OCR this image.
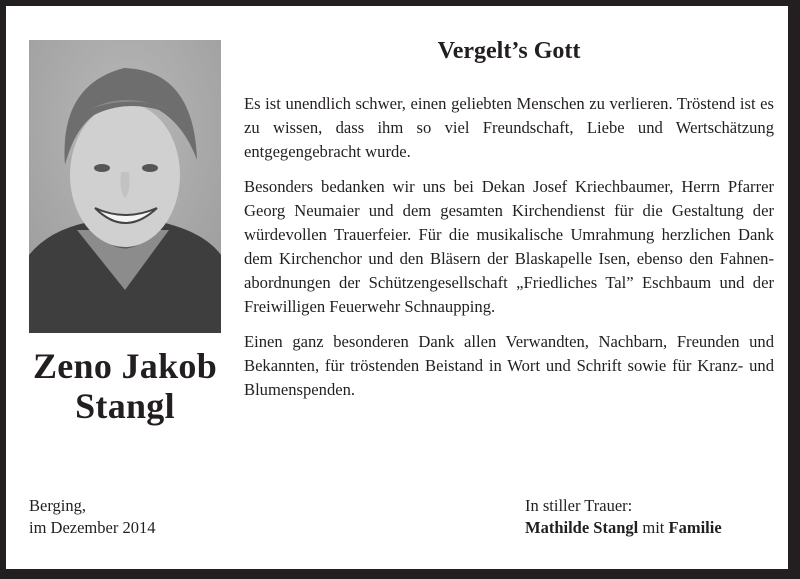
Zeno Jakob
Stangl
Berging,
im Dezember 2014
Vergelt’s Gott

Es ist unendlich schwer, einen geliebten Menschen zu verlieren. Tröstend ist es zu wissen, dass ihm so viel Freundschaft, Liebe und Wertschätzung entgegengebracht wurde.

Besonders bedanken wir uns bei Dekan Josef Kriechbaumer, Herrn Pfarrer Georg Neumaier und dem gesamten Kirchendienst für die Gestaltung der würdevollen Trauerfeier. Für die musikalische Umrahmung herzlichen Dank dem Kirchenchor und den Bläsern der Blaskapelle Isen, ebenso den Fahnenabordnungen der Schützengesellschaft „Friedliches Tal” Eschbaum und der Freiwilligen Feuerwehr Schnaupping.

Einen ganz besonderen Dank allen Verwandten, Nachbarn, Freunden und Bekannten, für tröstenden Beistand in Wort und Schrift sowie für Kranz- und Blumenspenden.

In stiller Trauer:
Mathilde Stangl mit Familie
